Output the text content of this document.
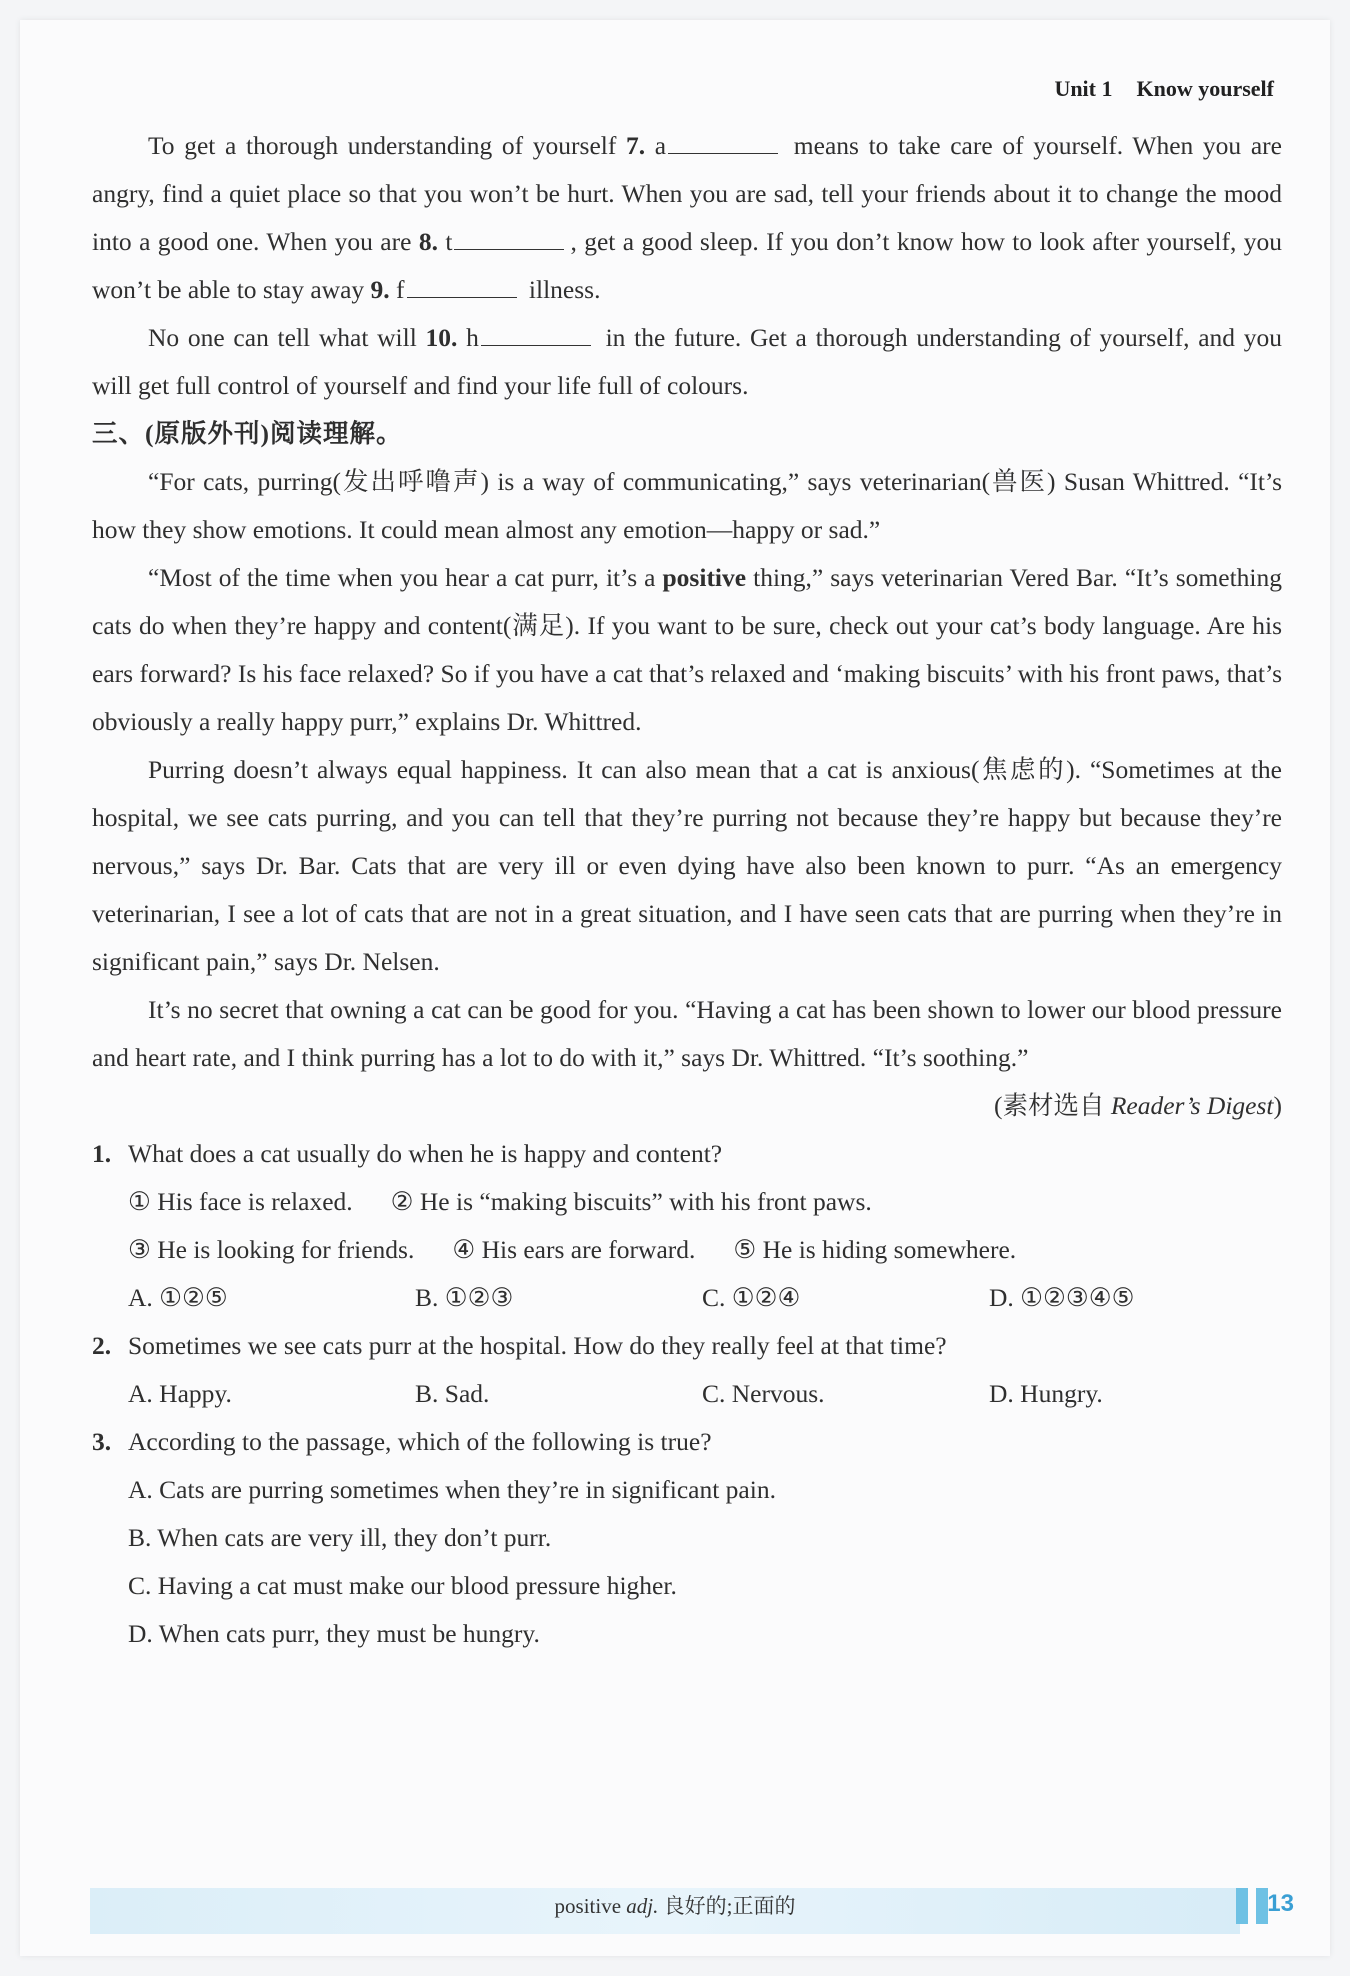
Unit 1 Know yourself

To get a thorough understanding of yourself 7. a	means to take care of yourself. When you are angry, find a quiet place so that you won’t be hurt. When you are sad, tell your friends about it to change the mood into a good one. When you are 8. t	, get a good sleep. If you don’t know how to look after yourself, you won’t be able to stay away 9. f	illness.

No one can tell what will 10. h	in the future. Get a thorough understanding of yourself, and you will get full control of yourself and find your life full of colours.

三、(原版外刊)阅读理解。

“For cats, purring(发出呼噜声) is a way of communicating,” says veterinarian(兽医) Susan Whittred. “It’s how they show emotions. It could mean almost any emotion—happy or sad.”

“Most of the time when you hear a cat purr, it’s a positive thing,” says veterinarian Vered Bar. “It’s something cats do when they’re happy and content(满足). If you want to be sure, check out your cat’s body language. Are his ears forward? Is his face relaxed? So if you have a cat that’s relaxed and ‘making biscuits’ with his front paws, that’s obviously a really happy purr,” explains Dr. Whittred.

Purring doesn’t always equal happiness. It can also mean that a cat is anxious(焦虑的). “Sometimes at the hospital, we see cats purring, and you can tell that they’re purring not because they’re happy but because they’re nervous,” says Dr. Bar. Cats that are very ill or even dying have also been known to purr. “As an emergency veterinarian, I see a lot of cats that are not in a great situation, and I have seen cats that are purring when they’re in significant pain,” says Dr. Nelsen.

It’s no secret that owning a cat can be good for you. “Having a cat has been shown to lower our blood pressure and heart rate, and I think purring has a lot to do with it,” says Dr. Whittred. “It’s soothing.”

(素材选自 Reader’s Digest)

1. What does a cat usually do when he is happy and content?

① His face is relaxed. ② He is “making biscuits” with his front paws.

③ He is looking for friends. ④ His ears are forward. ⑤ He is hiding somewhere.

A. ①②⑤	B. ①②③	C. ①②④	D. ①②③④⑤

2. Sometimes we see cats purr at the hospital. How do they really feel at that time?

A. Happy.	B. Sad.	C. Nervous.	D. Hungry.

3. According to the passage, which of the following is true?

A. Cats are purring sometimes when they’re in significant pain.

B. When cats are very ill, they don’t purr.

C. Having a cat must make our blood pressure higher.

D. When cats purr, they must be hungry.

positive adj. 良好的;正面的	13
